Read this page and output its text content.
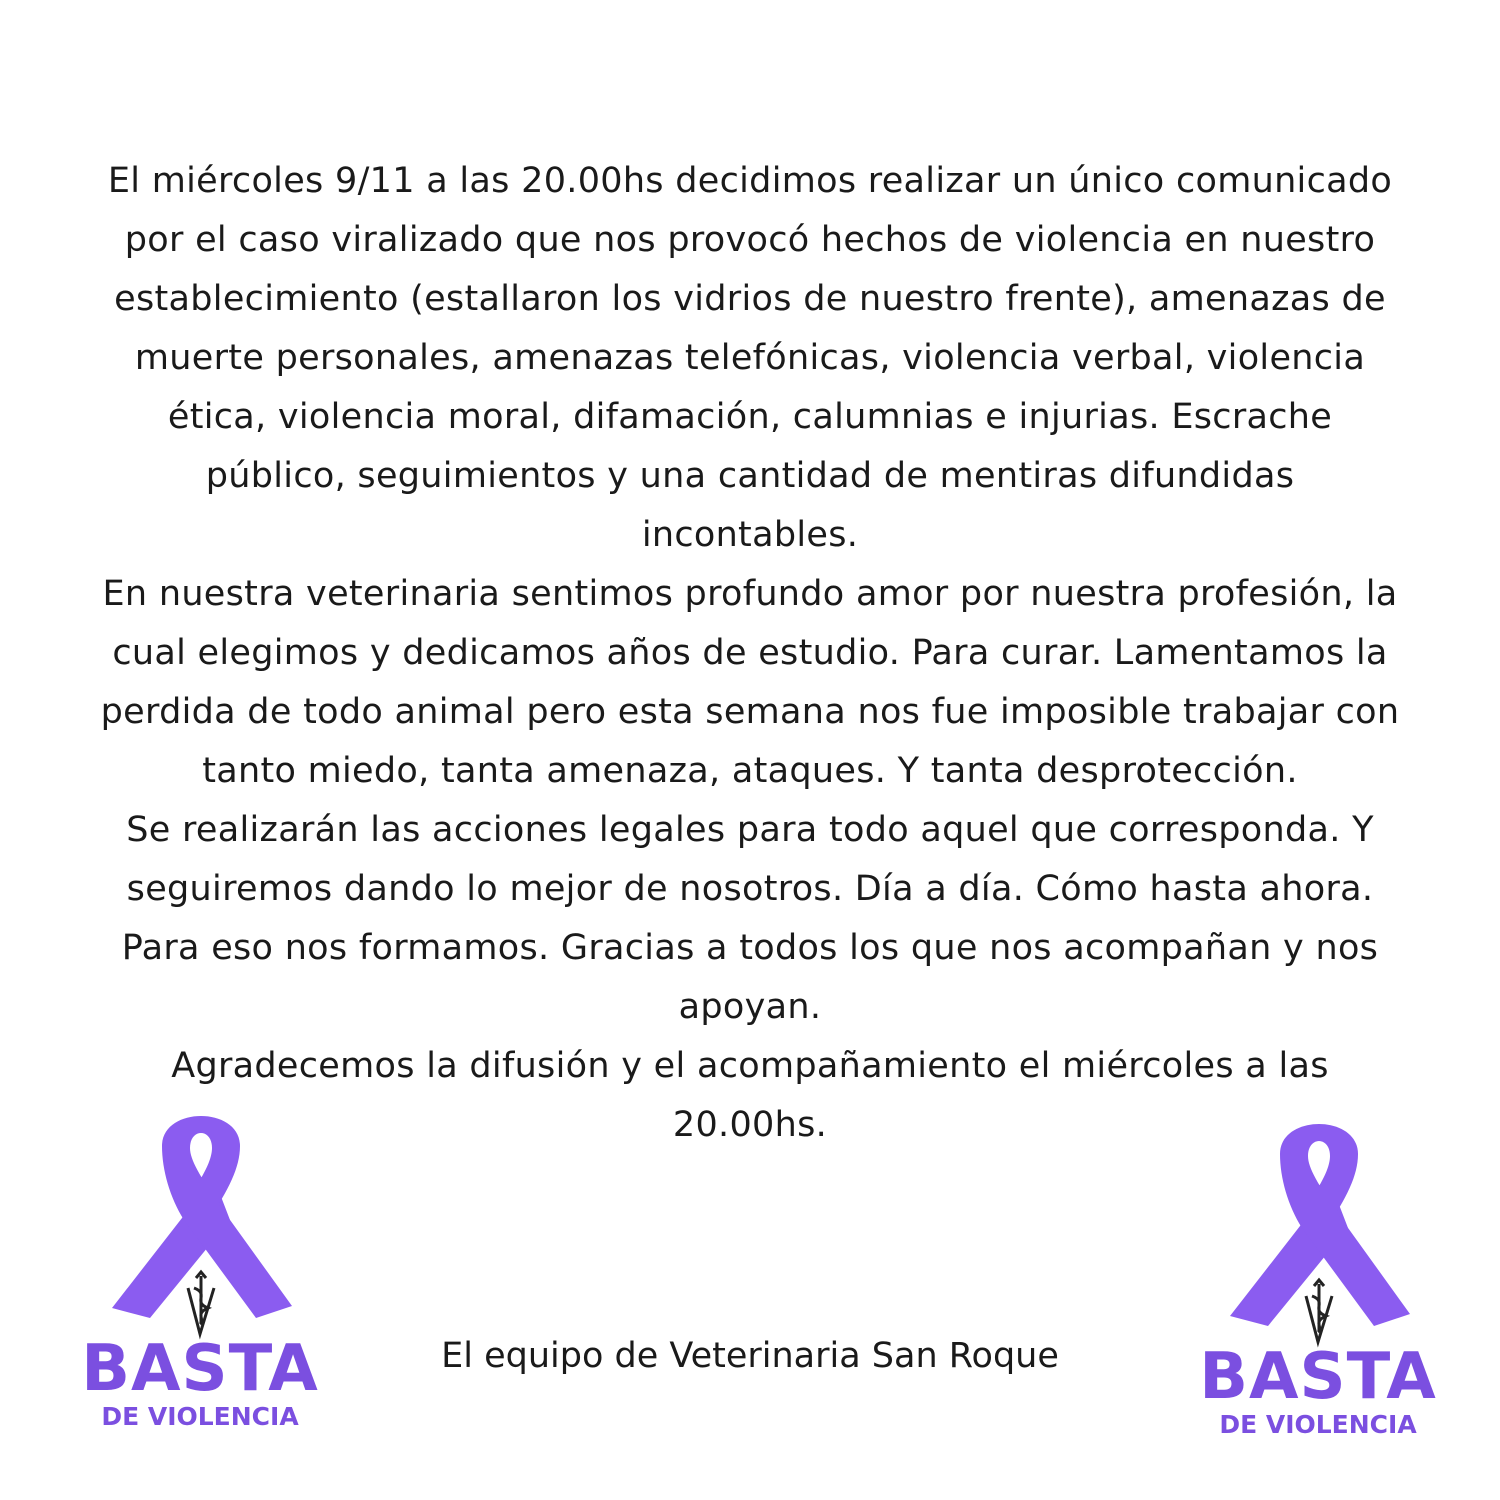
El miércoles 9/11 a las 20.00hs decidimos realizar un único comunicado
por el caso viralizado que nos provocó hechos de violencia en nuestro
establecimiento (estallaron los vidrios de nuestro frente), amenazas de
muerte personales, amenazas telefónicas, violencia verbal, violencia
ética, violencia moral, difamación, calumnias e injurias. Escrache
público, seguimientos y una cantidad de mentiras difundidas
incontables.
En nuestra veterinaria sentimos profundo amor por nuestra profesión, la
cual elegimos y dedicamos años de estudio. Para curar. Lamentamos la
perdida de todo animal pero esta semana nos fue imposible trabajar con
tanto miedo, tanta amenaza, ataques. Y tanta desprotección.
Se realizarán las acciones legales para todo aquel que corresponda. Y
seguiremos dando lo mejor de nosotros. Día a día. Cómo hasta ahora.
Para eso nos formamos. Gracias a todos los que nos acompañan y nos
apoyan.
Agradecemos la difusión y el acompañamiento el miércoles a las
20.00hs.
BASTA
DE VIOLENCIA
El equipo de Veterinaria San Roque	BASTA
DE VIOLENCIA
